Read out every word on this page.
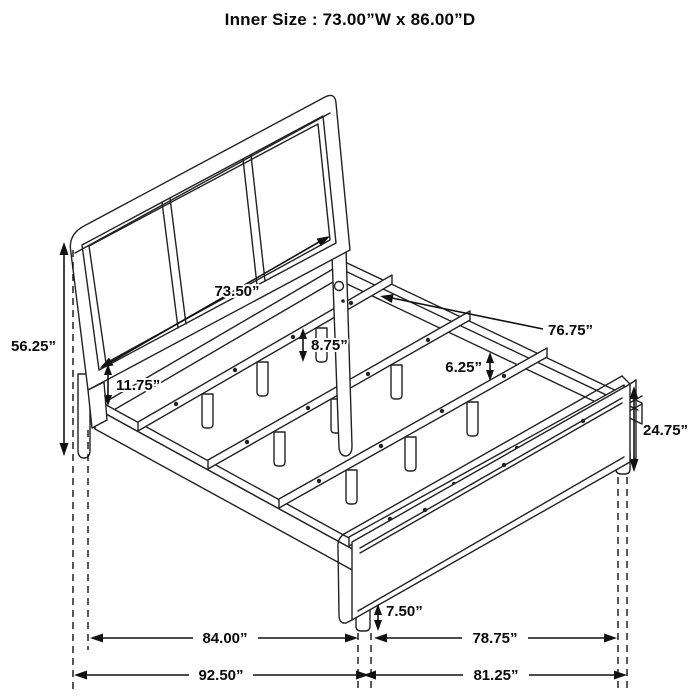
Inner Size : 73.00”W x 86.00”D
73.50”
56.25”
11.75”
8.75”
6.25”
76.75”
24.75”
7.50”
84.00”
92.50”
78.75”
81.25”
